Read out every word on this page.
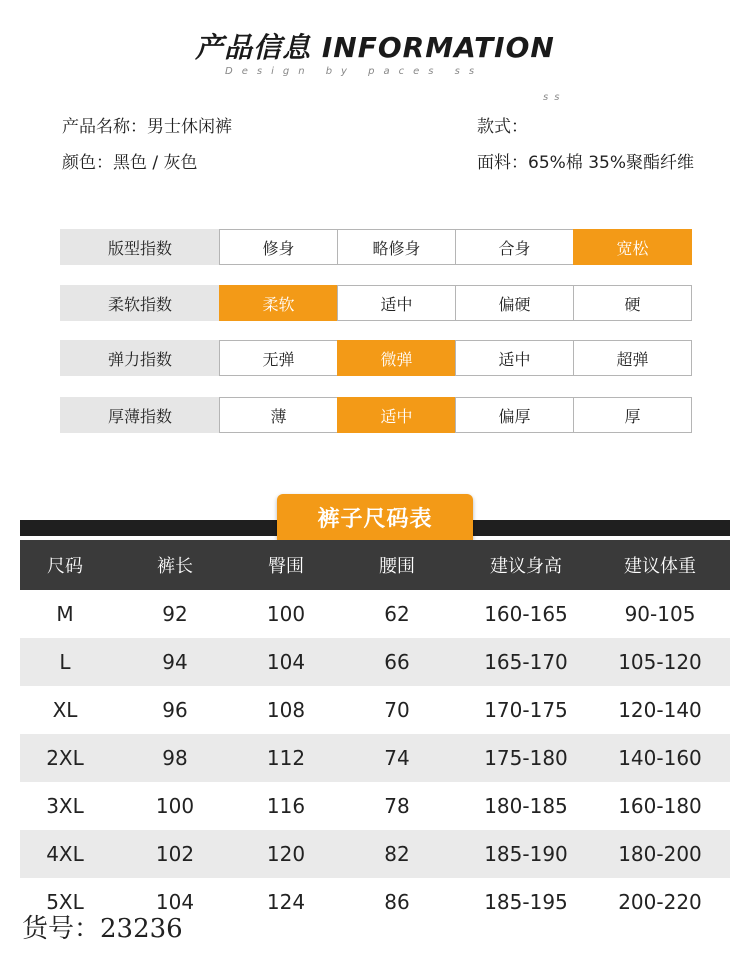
产品信息 INFORMATION
Design by paces ss
ss
产品名称：男士休闲裤	款式：
颜色：黑色 / 灰色	面料：65%棉 35%聚酯纤维
版型指数	修身	略修身	合身	宽松
柔软指数	柔软	适中	偏硬	硬
弹力指数	无弹	微弹	适中	超弹
厚薄指数	薄	适中	偏厚	厚
裤子尺码表
尺码	裤长	臀围	腰围	建议身高	建议体重
M	92	100	62	160-165	90-105
L	94	104	66	165-170	105-120
XL	96	108	70	170-175	120-140
2XL	98	112	74	175-180	140-160
3XL	100	116	78	180-185	160-180
4XL	102	120	82	185-190	180-200
5XL	104	124	86	185-195	200-220
货号：23236
